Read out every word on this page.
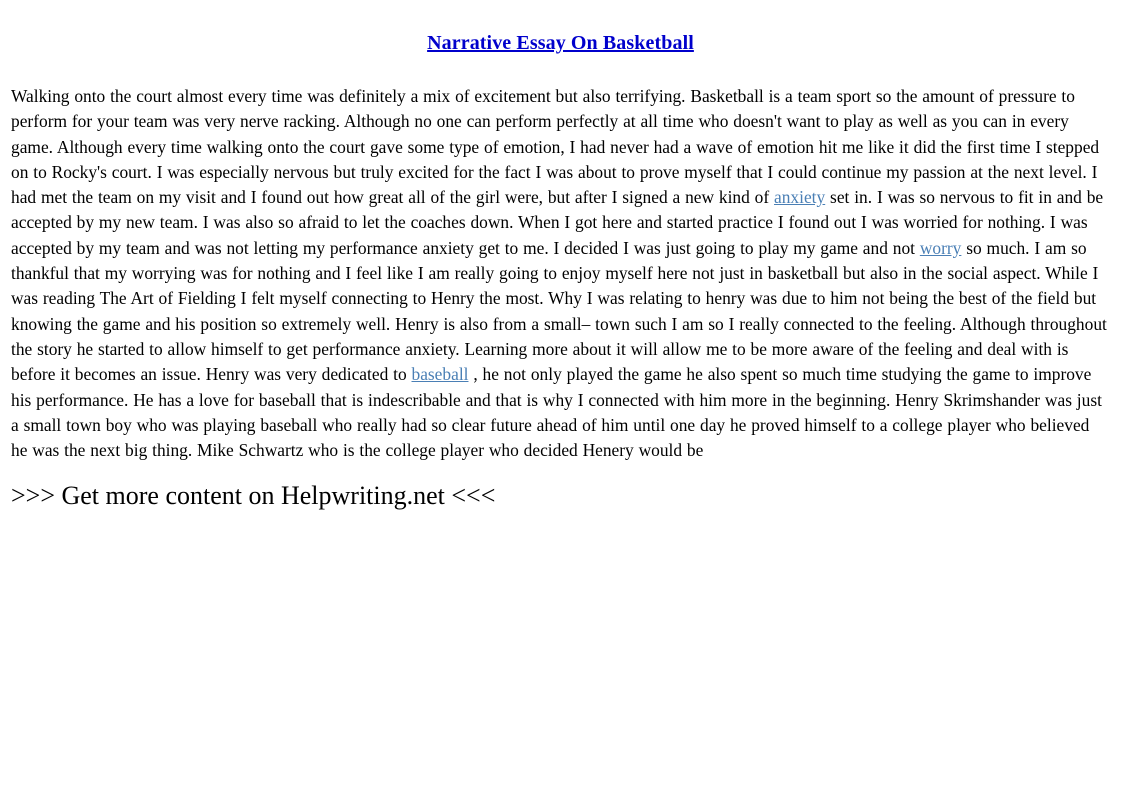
Narrative Essay On Basketball
Walking onto the court almost every time was definitely a mix of excitement but also terrifying. Basketball is a team sport so the amount of pressure to perform for your team was very nerve racking. Although no one can perform perfectly at all time who doesn't want to play as well as you can in every game. Although every time walking onto the court gave some type of emotion, I had never had a wave of emotion hit me like it did the first time I stepped on to Rocky's court. I was especially nervous but truly excited for the fact I was about to prove myself that I could continue my passion at the next level. I had met the team on my visit and I found out how great all of the girl were, but after I signed a new kind of anxiety set in. I was so nervous to fit in and be accepted by my new team. I was also so afraid to let the coaches down. When I got here and started practice I found out I was worried for nothing. I was accepted by my team and was not letting my performance anxiety get to me. I decided I was just going to play my game and not worry so much. I am so thankful that my worrying was for nothing and I feel like I am really going to enjoy myself here not just in basketball but also in the social aspect. While I was reading The Art of Fielding I felt myself connecting to Henry the most. Why I was relating to henry was due to him not being the best of the field but knowing the game and his position so extremely well. Henry is also from a small– town such I am so I really connected to the feeling. Although throughout the story he started to allow himself to get performance anxiety. Learning more about it will allow me to be more aware of the feeling and deal with is before it becomes an issue. Henry was very dedicated to baseball , he not only played the game he also spent so much time studying the game to improve his performance. He has a love for baseball that is indescribable and that is why I connected with him more in the beginning. Henry Skrimshander was just a small town boy who was playing baseball who really had so clear future ahead of him until one day he proved himself to a college player who believed he was the next big thing. Mike Schwartz who is the college player who decided Henery would be
>>> Get more content on Helpwriting.net <<<
